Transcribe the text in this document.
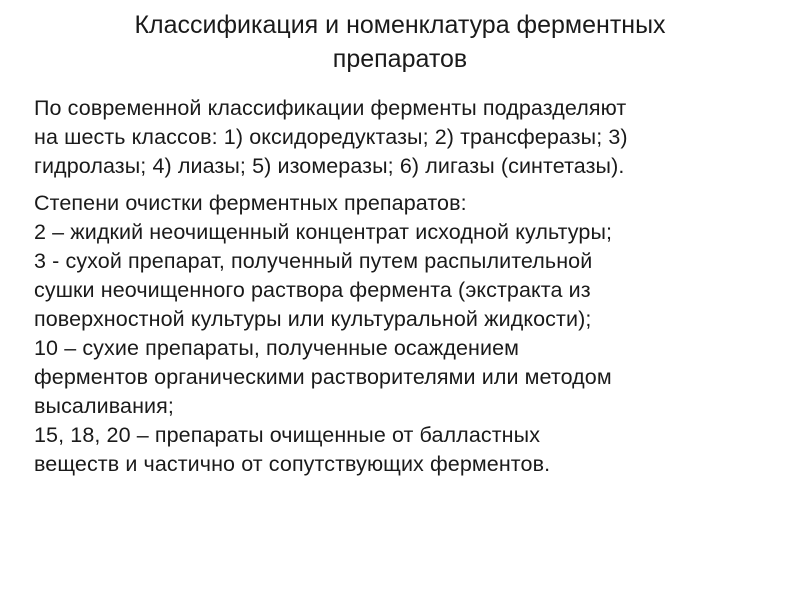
Классификация и номенклатура ферментных
препаратов

По современной классификации ферменты подразделяют
на шесть классов: 1) оксидоредуктазы; 2) трансферазы; 3)
гидролазы; 4) лиазы; 5) изомеразы; 6) лигазы (синтетазы).

Степени очистки ферментных препаратов:
2 – жидкий неочищенный концентрат исходной культуры;
3 - сухой препарат, полученный путем распылительной
сушки неочищенного раствора фермента (экстракта из
поверхностной культуры или культуральной жидкости);
10 – сухие препараты, полученные осаждением
ферментов органическими растворителями или методом
высаливания;
15, 18, 20 – препараты очищенные от балластных
веществ и частично от сопутствующих ферментов.
